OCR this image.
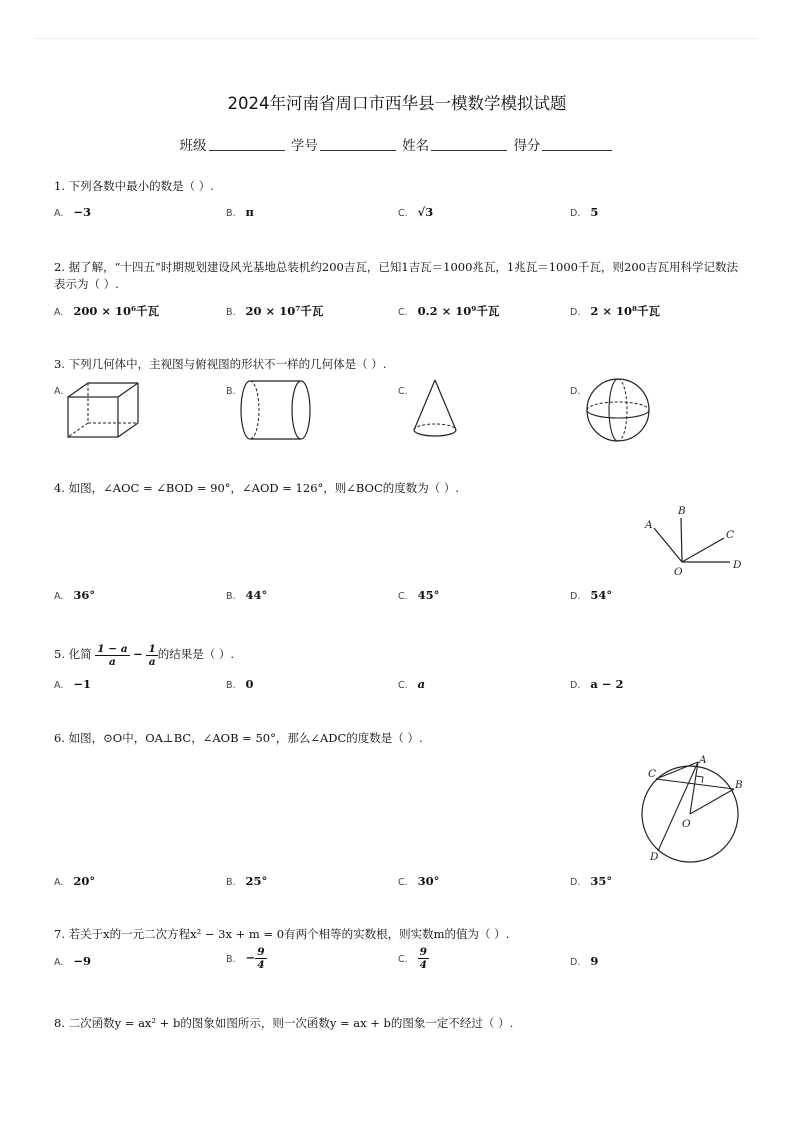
2024年河南省周口市西华县一模数学模拟试题
班级	学号	姓名	得分
1. 下列各数中最小的数是（ ）.
A. −3	B. π	C. √3	D. 5
2. 据了解，“十四五”时期规划建设风光基地总装机约200吉瓦，已知1吉瓦＝1000兆瓦，1兆瓦＝1000千瓦，则200吉瓦用科学记数法表示为（ ）.
A. 200 × 10⁶千瓦	B. 20 × 10⁷千瓦	C. 0.2 × 10⁹千瓦	D. 2 × 10⁸千瓦
3. 下列几何体中，主视图与俯视图的形状不一样的几何体是（ ）.
A.	B.	C.	D.
4. 如图，∠AOC = ∠BOD = 90°，∠AOD = 126°，则∠BOC的度数为（ ）.
A
B
C
O
D
A. 36°	B. 44°	C. 45°	D. 54°
5. 化简 $\frac{1 - a}{a} - \frac{1}{a}$ 的结果是（ ）.
A. −1	B. 0	C. a	D. a − 2
6. 如图，⊙O中，OA⊥BC，∠AOB = 50°，那么∠ADC的度数是（ ）.
A
C
B
O
D
A. 20°	B. 25°	C. 30°	D. 35°
7. 若关于x的一元二次方程x² − 3x + m = 0有两个相等的实数根，则实数m的值为（ ）.
A. −9	B. − $\frac{9}{4}$	C. $\frac{9}{4}$	D. 9
8. 二次函数y = ax² + b的图象如图所示，则一次函数y = ax + b的图象一定不经过（ ）.
